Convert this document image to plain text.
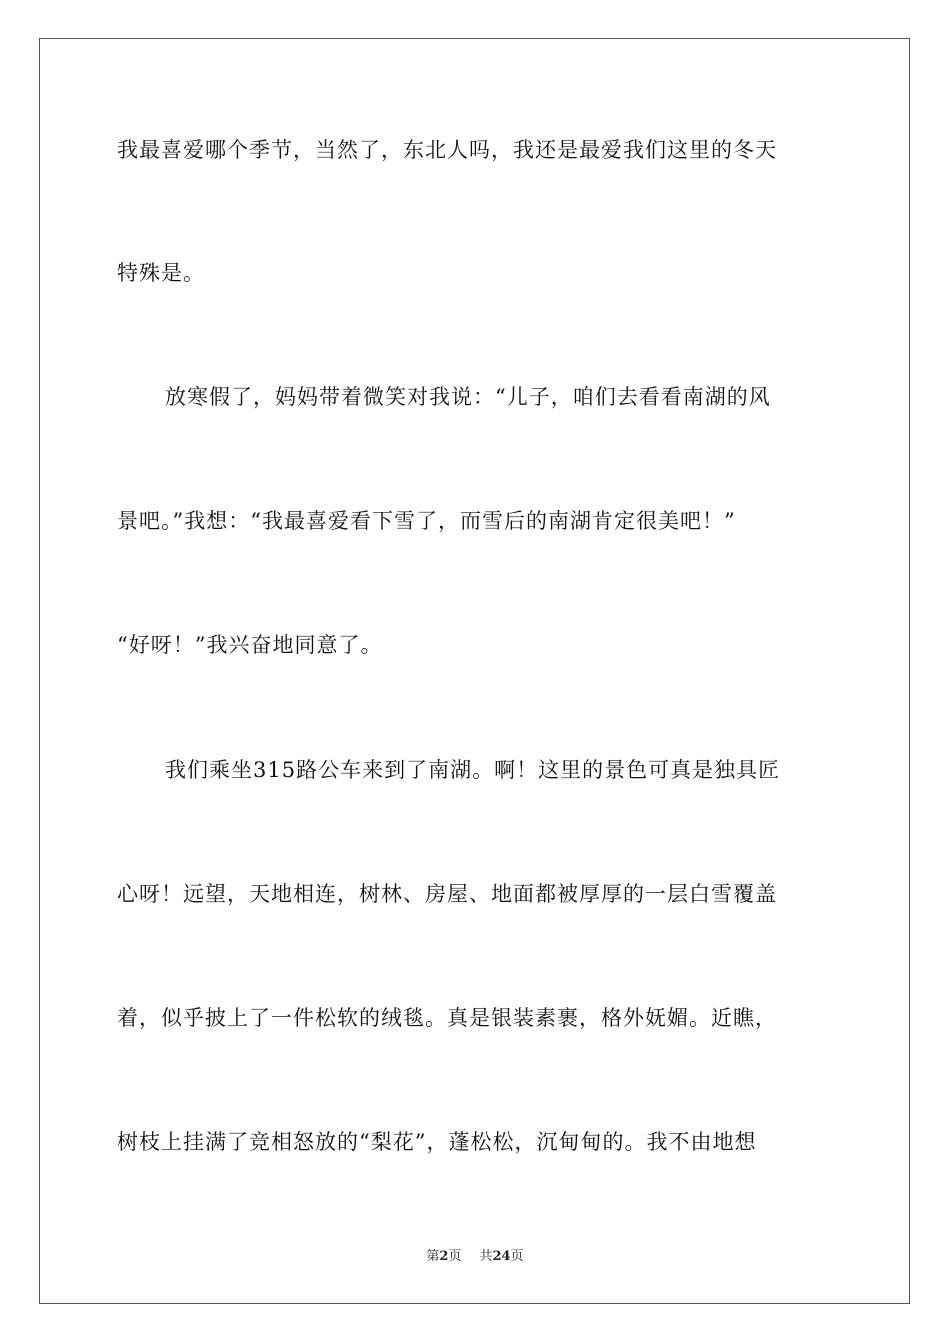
我最喜爱哪个季节，当然了，东北人吗，我还是最爱我们这里的冬天
特殊是。
放寒假了，妈妈带着微笑对我说：“儿子，咱们去看看南湖的风
景吧。”我想：“我最喜爱看下雪了，而雪后的南湖肯定很美吧！”
“好呀！”我兴奋地同意了。
我们乘坐315路公车来到了南湖。啊！这里的景色可真是独具匠
心呀！远望，天地相连，树林、房屋、地面都被厚厚的一层白雪覆盖
着，似乎披上了一件松软的绒毯。真是银装素裹，格外妩媚。近瞧，
树枝上挂满了竞相怒放的“梨花”，蓬松松，沉甸甸的。我不由地想
第2页 共24页
